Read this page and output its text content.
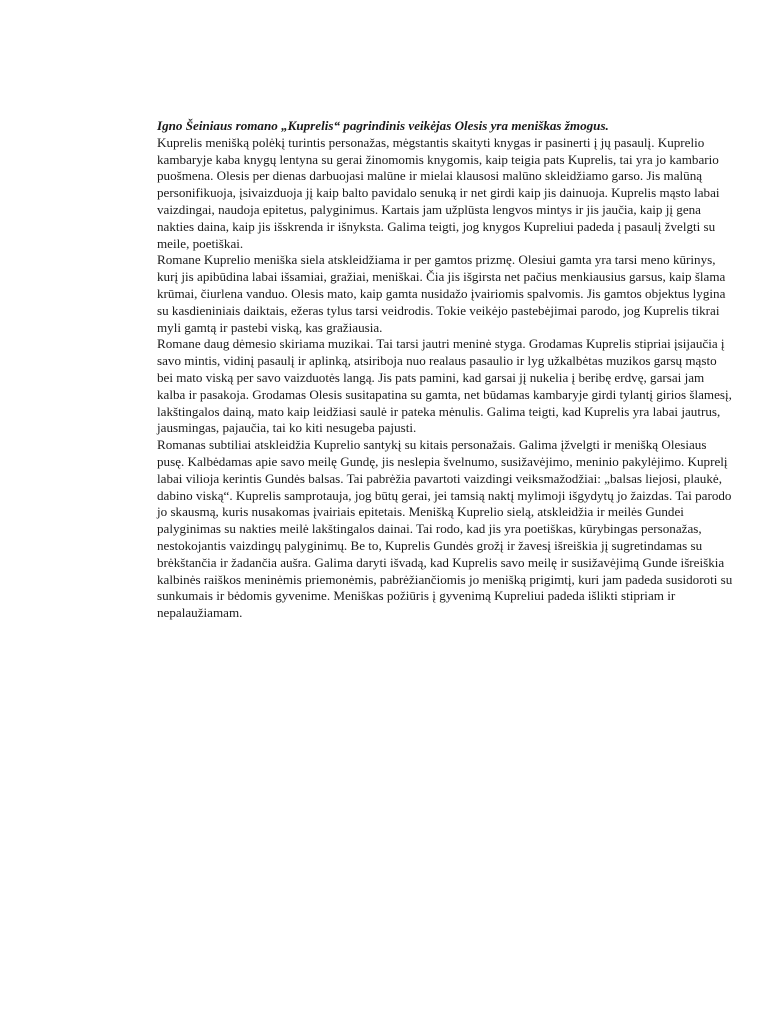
Igno Šeiniaus romano „Kuprelis“ pagrindinis veikėjas Olesis yra meniškas žmogus.

Kuprelis menišką polėkį turintis personažas, mėgstantis skaityti knygas ir pasinerti į jų pasaulį. Kuprelio kambaryje kaba knygų lentyna su gerai žinomomis knygomis, kaip teigia pats Kuprelis, tai yra jo kambario puošmena. Olesis per dienas darbuojasi malūne ir mielai klausosi malūno skleidžiamo garso. Jis malūną personifikuoja, įsivaizduoja jį kaip balto pavidalo senuką ir net girdi kaip jis dainuoja. Kuprelis mąsto labai vaizdingai, naudoja epitetus, palyginimus. Kartais jam užplūsta lengvos mintys ir jis jaučia, kaip jį gena nakties daina, kaip jis išskrenda ir išnyksta. Galima teigti, jog knygos Kupreliui padeda į pasaulį žvelgti su meile, poetiškai.

Romane Kuprelio meniška siela atskleidžiama ir per gamtos prizmę. Olesiui gamta yra tarsi meno kūrinys, kurį jis apibūdina labai išsamiai, gražiai, meniškai. Čia jis išgirsta net pačius menkiausius garsus, kaip šlama krūmai, čiurlena vanduo. Olesis mato, kaip gamta nusidažo įvairiomis spalvomis. Jis gamtos objektus lygina su kasdieniniais daiktais, ežeras tylus tarsi veidrodis. Tokie veikėjo pastebėjimai parodo, jog Kuprelis tikrai myli gamtą ir pastebi viską, kas gražiausia.

Romane daug dėmesio skiriama muzikai. Tai tarsi jautri meninė styga. Grodamas Kuprelis stipriai įsijaučia į savo mintis, vidinį pasaulį ir aplinką, atsiriboja nuo realaus pasaulio ir lyg užkalbėtas muzikos garsų mąsto bei mato viską per savo vaizduotės langą. Jis pats pamini, kad garsai jį nukelia į beribę erdvę, garsai jam kalba ir pasakoja. Grodamas Olesis susitapatina su gamta, net būdamas kambaryje girdi tylantį girios šlamesį, lakštingalos dainą, mato kaip leidžiasi saulė ir pateka mėnulis. Galima teigti, kad Kuprelis yra labai jautrus, jausmingas, pajaučia, tai ko kiti nesugeba pajusti.

Romanas subtiliai atskleidžia Kuprelio santykį su kitais personažais. Galima įžvelgti ir menišką Olesiaus pusę. Kalbėdamas apie savo meilę Gundę, jis neslepia švelnumo, susižavėjimo, meninio pakylėjimo. Kuprelį labai vilioja kerintis Gundės balsas. Tai pabrėžia pavartoti vaizdingi veiksmažodžiai: „balsas liejosi, plaukė, dabino viską“. Kuprelis samprotauja, jog būtų gerai, jei tamsią naktį mylimoji išgydytų jo žaizdas. Tai parodo jo skausmą, kuris nusakomas įvairiais epitetais. Menišką Kuprelio sielą, atskleidžia ir meilės Gundei palyginimas su nakties meilė lakštingalos dainai. Tai rodo, kad jis yra poetiškas, kūrybingas personažas, nestokojantis vaizdingų palyginimų. Be to, Kuprelis Gundės grožį ir žavesį išreiškia jį sugretindamas su brėkštančia ir žadančia aušra. Galima daryti išvadą, kad Kuprelis savo meilę ir susižavėjimą Gunde išreiškia kalbinės raiškos meninėmis priemonėmis, pabrėžiančiomis jo menišką prigimtį, kuri jam padeda susidoroti su sunkumais ir bėdomis gyvenime. Meniškas požiūris į gyvenimą Kupreliui padeda išlikti stipriam ir nepalaužiamam.
